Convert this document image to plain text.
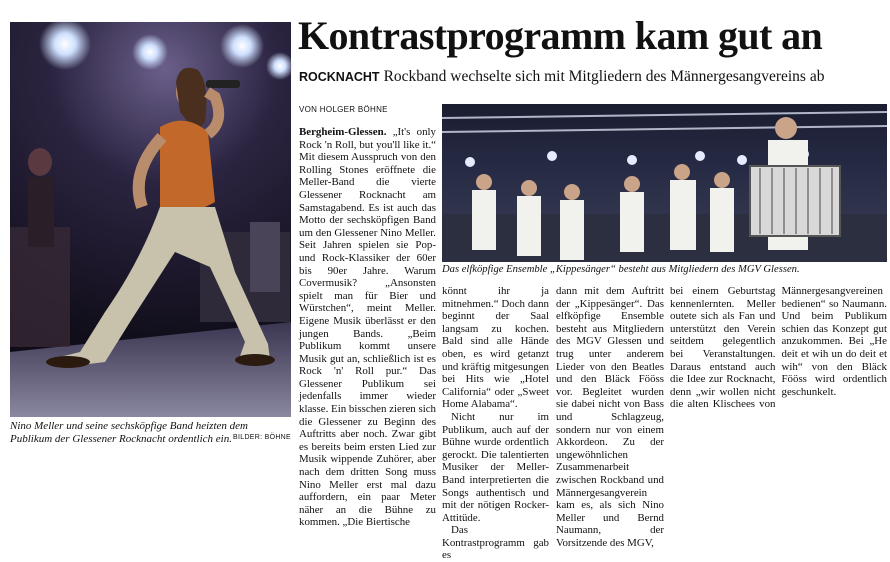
Nino Meller und seine sechsköpfige Band heizten dem Publikum der Glessener Rocknacht ordentlich ein. BILDER: BÖHNE
Kontrastprogramm kam gut an
ROCKNACHT Rockband wechselte sich mit Mitgliedern des Männergesangvereins ab
VON HOLGER BÖHNE

Bergheim-Glessen. „It's only Rock 'n Roll, but you'll like it.“ Mit diesem Ausspruch von den Rolling Stones eröffnete die Meller-Band die vierte Glessener Rocknacht am Samstagabend. Es ist auch das Motto der sechsköpfigen Band um den Glessener Nino Meller. Seit Jahren spielen sie Pop- und Rock-Klassiker der 60er bis 90er Jahre. Warum Covermusik? „Ansonsten spielt man für Bier und Würstchen“, meint Meller. Eigene Musik überlässt er den jungen Bands. „Beim Publikum kommt unsere Musik gut an, schließlich ist es Rock 'n' Roll pur.“ Das Glessener Publikum sei jedenfalls immer wieder klasse. Ein bisschen zieren sich die Glessener zu Beginn des Auftritts aber noch. Zwar gibt es bereits beim ersten Lied zur Musik wippende Zuhörer, aber nach dem dritten Song muss Nino Meller erst mal dazu auffordern, ein paar Meter näher an die Bühne zu kommen. „Die Biertische

Das elfköpfige Ensemble „Kippesänger“ besteht aus Mitgliedern des MGV Glessen.

könnt ihr ja mitnehmen.“ Doch dann beginnt der Saal langsam zu kochen. Bald sind alle Hände oben, es wird getanzt und kräftig mitgesungen bei Hits wie „Hotel California“ oder „Sweet Home Alabama“.

Nicht nur im Publikum, auch auf der Bühne wurde ordentlich gerockt. Die talentierten Musiker der Meller-Band interpretierten die Songs authentisch und mit der nötigen Rocker-Attitüde.

Das Kontrastprogramm gab es

dann mit dem Auftritt der „Kippesänger“. Das elfköpfige Ensemble besteht aus Mitgliedern des MGV Glessen und trug unter anderem Lieder von den Beatles und den Bläck Fööss vor. Begleitet wurden sie dabei nicht von Bass und Schlagzeug, sondern nur von einem Akkordeon. Zu der ungewöhnlichen Zusammenarbeit zwischen Rockband und Männergesangverein kam es, als sich Nino Meller und Bernd Naumann, der Vorsitzende des MGV,

bei einem Geburtstag kennenlernten. Meller outete sich als Fan und unterstützt den Verein seitdem gelegentlich bei Veranstaltungen. Daraus entstand auch die Idee zur Rocknacht, denn „wir wollen nicht die alten Klischees von Männergesangvereinen bedienen“ so Naumann. Und beim Publikum schien das Konzept gut anzukommen. Bei „He deit et wih un do deit et wih“ von den Bläck Fööss wird ordentlich geschunkelt.
